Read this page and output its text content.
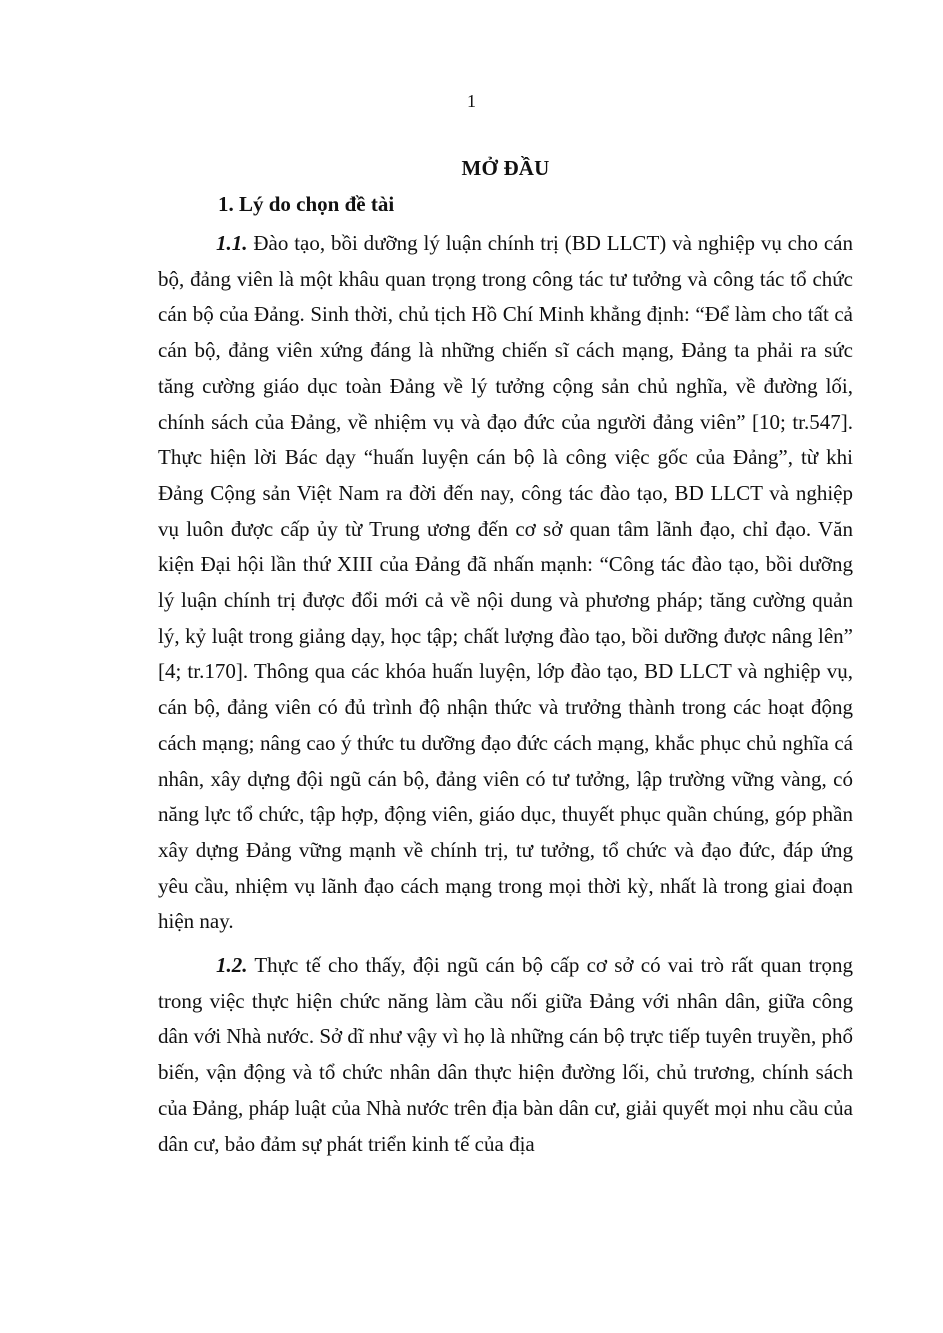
1
MỞ ĐẦU
1. Lý do chọn đề tài

1.1. Đào tạo, bồi dưỡng lý luận chính trị (BD LLCT) và nghiệp vụ cho cán bộ, đảng viên là một khâu quan trọng trong công tác tư tưởng và công tác tổ chức cán bộ của Đảng. Sinh thời, chủ tịch Hồ Chí Minh khẳng định: “Để làm cho tất cả cán bộ, đảng viên xứng đáng là những chiến sĩ cách mạng, Đảng ta phải ra sức tăng cường giáo dục toàn Đảng về lý tưởng cộng sản chủ nghĩa, về đường lối, chính sách của Đảng, về nhiệm vụ và đạo đức của người đảng viên” [10; tr.547]. Thực hiện lời Bác dạy “huấn luyện cán bộ là công việc gốc của Đảng”, từ khi Đảng Cộng sản Việt Nam ra đời đến nay, công tác đào tạo, BD LLCT và nghiệp vụ luôn được cấp ủy từ Trung ương đến cơ sở quan tâm lãnh đạo, chỉ đạo. Văn kiện Đại hội lần thứ XIII của Đảng đã nhấn mạnh: “Công tác đào tạo, bồi dưỡng lý luận chính trị được đổi mới cả về nội dung và phương pháp; tăng cường quản lý, kỷ luật trong giảng dạy, học tập; chất lượng đào tạo, bồi dưỡng được nâng lên” [4; tr.170]. Thông qua các khóa huấn luyện, lớp đào tạo, BD LLCT và nghiệp vụ, cán bộ, đảng viên có đủ trình độ nhận thức và trưởng thành trong các hoạt động cách mạng; nâng cao ý thức tu dưỡng đạo đức cách mạng, khắc phục chủ nghĩa cá nhân, xây dựng đội ngũ cán bộ, đảng viên có tư tưởng, lập trường vững vàng, có năng lực tổ chức, tập hợp, động viên, giáo dục, thuyết phục quần chúng, góp phần xây dựng Đảng vững mạnh về chính trị, tư tưởng, tổ chức và đạo đức, đáp ứng yêu cầu, nhiệm vụ lãnh đạo cách mạng trong mọi thời kỳ, nhất là trong giai đoạn hiện nay.

1.2. Thực tế cho thấy, đội ngũ cán bộ cấp cơ sở có vai trò rất quan trọng trong việc thực hiện chức năng làm cầu nối giữa Đảng với nhân dân, giữa công dân với Nhà nước. Sở dĩ như vậy vì họ là những cán bộ trực tiếp tuyên truyền, phổ biến, vận động và tổ chức nhân dân thực hiện đường lối, chủ trương, chính sách của Đảng, pháp luật của Nhà nước trên địa bàn dân cư, giải quyết mọi nhu cầu của dân cư, bảo đảm sự phát triển kinh tế của địa
